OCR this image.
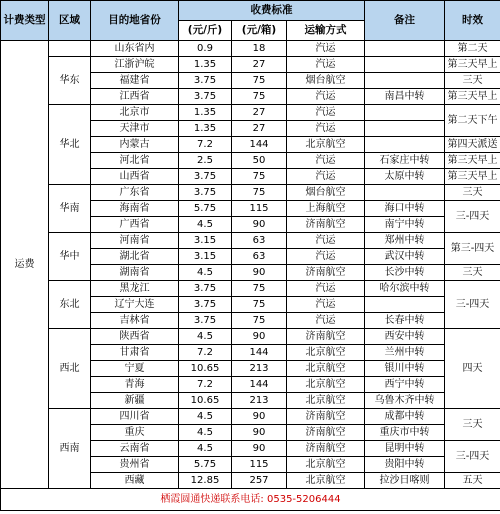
计费类型	区域	目的地省份	收费标准			备注	时效
			(元/斤)	(元/箱)	运输方式		
运费		山东省内	0.9	18	汽运		第二天
	华东	江浙沪皖	1.35	27	汽运		第三天早上
		福建省	3.75	75	烟台航空		三天
		江西省	3.75	75	汽运	南昌中转	第三天早上
	华北	北京市	1.35	27	汽运		第二天下午
		天津市	1.35	27	汽运		
		内蒙古	7.2	144	北京航空		第四天派送
		河北省	2.5	50	汽运	石家庄中转	第三天早上
		山西省	3.75	75	汽运	太原中转	第三天早上
	华南	广东省	3.75	75	烟台航空		三天
		海南省	5.75	115	上海航空	海口中转	三-四天
		广西省	4.5	90	济南航空	南宁中转	
	华中	河南省	3.15	63	汽运	郑州中转	第三-四天
		湖北省	3.15	63	汽运	武汉中转	
		湖南省	4.5	90	济南航空	长沙中转	三天
	东北	黑龙江	3.75	75	汽运	哈尔滨中转	三-四天
		辽宁大连	3.75	75	汽运		
		吉林省	3.75	75	汽运	长春中转	
	西北	陕西省	4.5	90	济南航空	西安中转	四天
		甘肃省	7.2	144	北京航空	兰州中转	
		宁夏	10.65	213	北京航空	银川中转	
		青海	7.2	144	北京航空	西宁中转	
		新疆	10.65	213	北京航空	乌鲁木齐中转	
	西南	四川省	4.5	90	济南航空	成都中转	三天
		重庆	4.5	90	济南航空	重庆市中转	
		云南省	4.5	90	济南航空	昆明中转	三-四天
		贵州省	5.75	115	北京航空	贵阳中转	
		西藏	12.85	257	北京航空	拉沙日喀则	五天
栖霞圆通快递联系电话: 0535-5206444							
